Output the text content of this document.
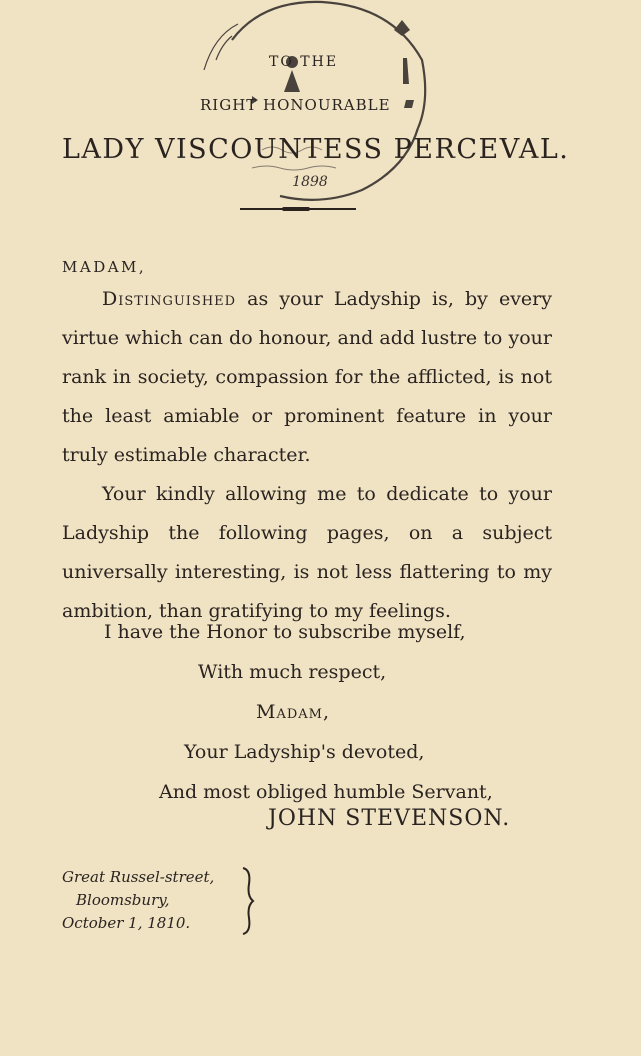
1898
TO THE
RIGHT HONOURABLE
LADY VISCOUNTESS PERCEVAL.
MADAM,

Distinguished as your Ladyship is, by every virtue which can do honour, and add lustre to your rank in society, compassion for the afflicted, is not the least amiable or prominent feature in your truly estimable character.

Your kindly allowing me to dedicate to your Ladyship the following pages, on a subject universally interesting, is not less flattering to my ambition, than gratifying to my feelings.

I have the Honor to subscribe myself,
With much respect,
Madam,
Your Ladyship's devoted,
And most obliged humble Servant,
JOHN STEVENSON.
Great Russel-street,
Bloomsbury,
October 1, 1810.
